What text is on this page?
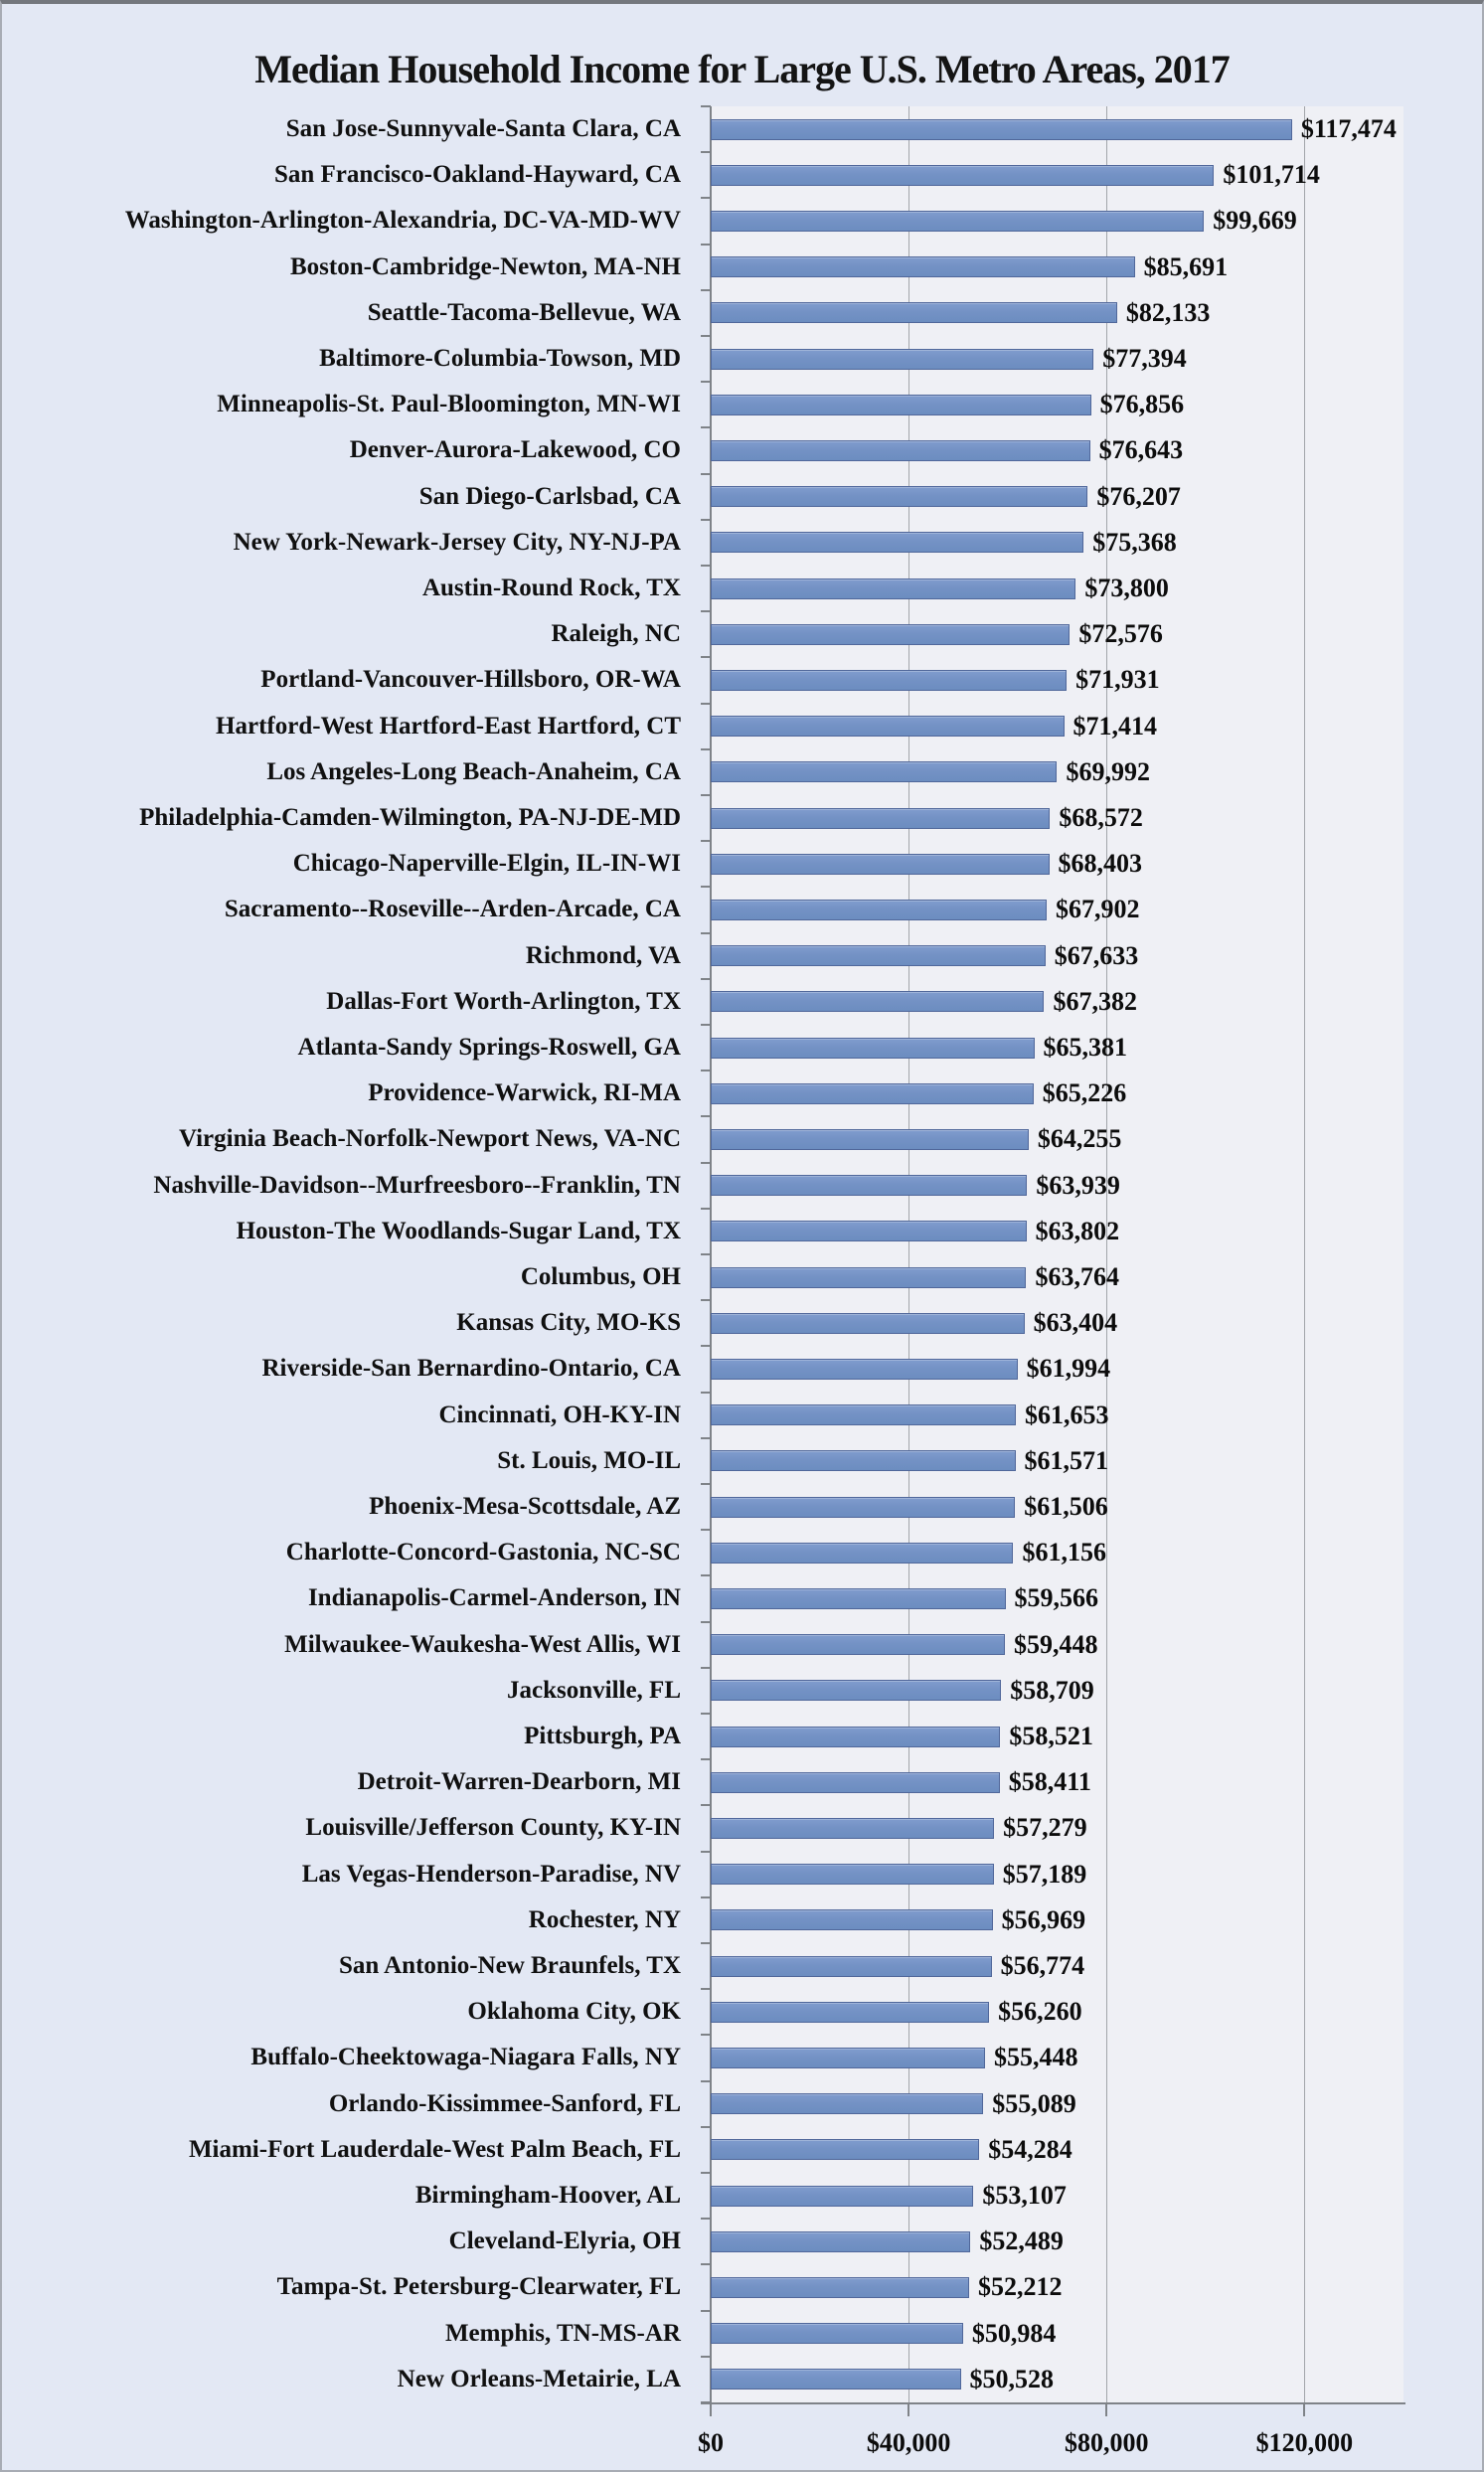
Median Household Income for Large U.S. Metro Areas, 2017
San Jose-Sunnyvale-Santa Clara, CA	$117,474
San Francisco-Oakland-Hayward, CA	$101,714
Washington-Arlington-Alexandria, DC-VA-MD-WV	$99,669
Boston-Cambridge-Newton, MA-NH	$85,691
Seattle-Tacoma-Bellevue, WA	$82,133
Baltimore-Columbia-Towson, MD	$77,394
Minneapolis-St. Paul-Bloomington, MN-WI	$76,856
Denver-Aurora-Lakewood, CO	$76,643
San Diego-Carlsbad, CA	$76,207
New York-Newark-Jersey City, NY-NJ-PA	$75,368
Austin-Round Rock, TX	$73,800
Raleigh, NC	$72,576
Portland-Vancouver-Hillsboro, OR-WA	$71,931
Hartford-West Hartford-East Hartford, CT	$71,414
Los Angeles-Long Beach-Anaheim, CA	$69,992
Philadelphia-Camden-Wilmington, PA-NJ-DE-MD	$68,572
Chicago-Naperville-Elgin, IL-IN-WI	$68,403
Sacramento--Roseville--Arden-Arcade, CA	$67,902
Richmond, VA	$67,633
Dallas-Fort Worth-Arlington, TX	$67,382
Atlanta-Sandy Springs-Roswell, GA	$65,381
Providence-Warwick, RI-MA	$65,226
Virginia Beach-Norfolk-Newport News, VA-NC	$64,255
Nashville-Davidson--Murfreesboro--Franklin, TN	$63,939
Houston-The Woodlands-Sugar Land, TX	$63,802
Columbus, OH	$63,764
Kansas City, MO-KS	$63,404
Riverside-San Bernardino-Ontario, CA	$61,994
Cincinnati, OH-KY-IN	$61,653
St. Louis, MO-IL	$61,571
Phoenix-Mesa-Scottsdale, AZ	$61,506
Charlotte-Concord-Gastonia, NC-SC	$61,156
Indianapolis-Carmel-Anderson, IN	$59,566
Milwaukee-Waukesha-West Allis, WI	$59,448
Jacksonville, FL	$58,709
Pittsburgh, PA	$58,521
Detroit-Warren-Dearborn, MI	$58,411
Louisville/Jefferson County, KY-IN	$57,279
Las Vegas-Henderson-Paradise, NV	$57,189
Rochester, NY	$56,969
San Antonio-New Braunfels, TX	$56,774
Oklahoma City, OK	$56,260
Buffalo-Cheektowaga-Niagara Falls, NY	$55,448
Orlando-Kissimmee-Sanford, FL	$55,089
Miami-Fort Lauderdale-West Palm Beach, FL	$54,284
Birmingham-Hoover, AL	$53,107
Cleveland-Elyria, OH	$52,489
Tampa-St. Petersburg-Clearwater, FL	$52,212
Memphis, TN-MS-AR	$50,984
New Orleans-Metairie, LA	$50,528
$0	$40,000	$80,000	$120,000
